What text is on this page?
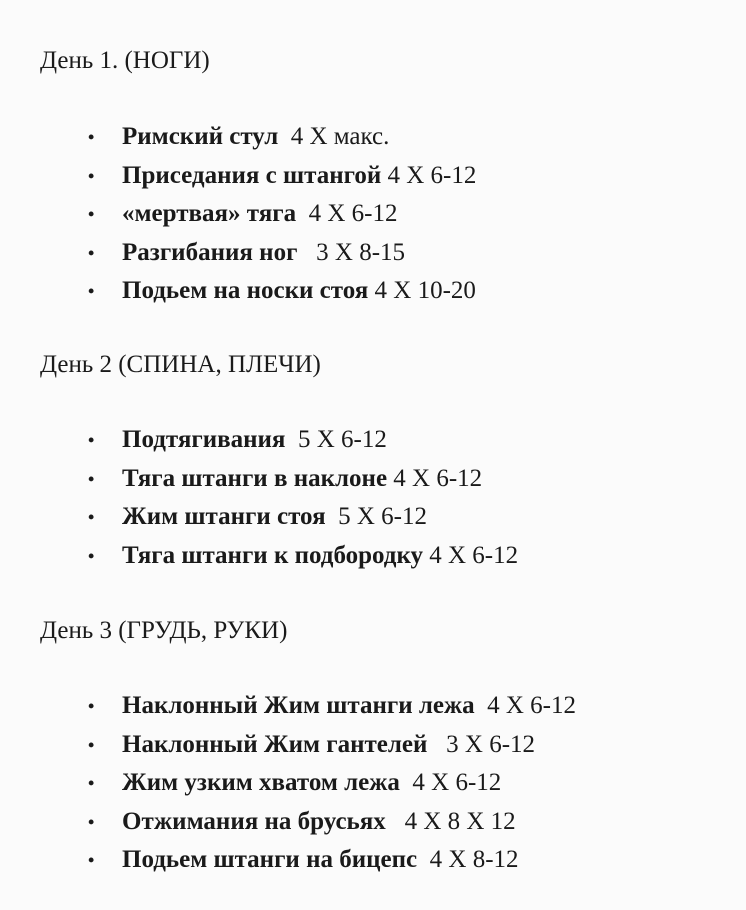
День 1. (НОГИ)
• Римский стул 4 Х макс.
• Приседания с штангой 4 Х 6-12
• «мертвая» тяга 4 Х 6-12
• Разгибания ног 3 Х 8-15
• Подьем на носки стоя 4 Х 10-20
День 2 (СПИНА, ПЛЕЧИ)
• Подтягивания 5 Х 6-12
• Тяга штанги в наклоне 4 Х 6-12
• Жим штанги стоя 5 Х 6-12
• Тяга штанги к подбородку 4 Х 6-12
День 3 (ГРУДЬ, РУКИ)
• Наклонный Жим штанги лежа 4 Х 6-12
• Наклонный Жим гантелей 3 Х 6-12
• Жим узким хватом лежа 4 Х 6-12
• Отжимания на брусьях 4 Х 8 Х 12
• Подьем штанги на бицепс 4 Х 8-12
